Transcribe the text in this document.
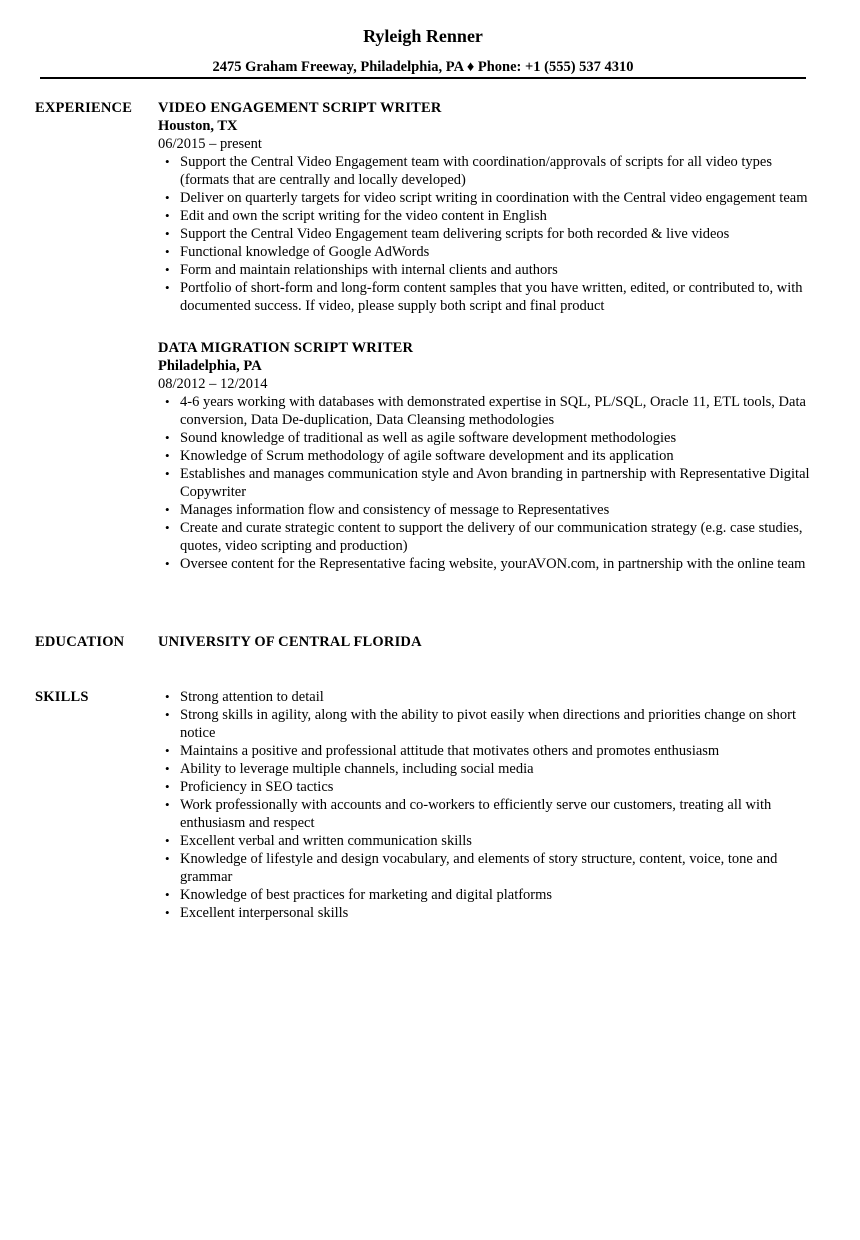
Ryleigh Renner
2475 Graham Freeway, Philadelphia, PA ♦ Phone: +1 (555) 537 4310
EXPERIENCE VIDEO ENGAGEMENT SCRIPT WRITER
Houston, TX
06/2015 – present
• Support the Central Video Engagement team with coordination/approvals of scripts for all video types (formats that are centrally and locally developed)
• Deliver on quarterly targets for video script writing in coordination with the Central video engagement team
• Edit and own the script writing for the video content in English
• Support the Central Video Engagement team delivering scripts for both recorded & live videos
• Functional knowledge of Google AdWords
• Form and maintain relationships with internal clients and authors
• Portfolio of short-form and long-form content samples that you have written, edited, or contributed to, with documented success. If video, please supply both script and final product
DATA MIGRATION SCRIPT WRITER
Philadelphia, PA
08/2012 – 12/2014
• 4-6 years working with databases with demonstrated expertise in SQL, PL/SQL, Oracle 11, ETL tools, Data conversion, Data De-duplication, Data Cleansing methodologies
• Sound knowledge of traditional as well as agile software development methodologies
• Knowledge of Scrum methodology of agile software development and its application
• Establishes and manages communication style and Avon branding in partnership with Representative Digital Copywriter
• Manages information flow and consistency of message to Representatives
• Create and curate strategic content to support the delivery of our communication strategy (e.g. case studies, quotes, video scripting and production)
• Oversee content for the Representative facing website, yourAVON.com, in partnership with the online team
EDUCATION UNIVERSITY OF CENTRAL FLORIDA
SKILLS
•	Strong attention to detail
• Strong skills in agility, along with the ability to pivot easily when directions and priorities change on short notice
• Maintains a positive and professional attitude that motivates others and promotes enthusiasm
• Ability to leverage multiple channels, including social media
• Proficiency in SEO tactics
• Work professionally with accounts and co-workers to efficiently serve our customers, treating all with enthusiasm and respect
• Excellent verbal and written communication skills
• Knowledge of lifestyle and design vocabulary, and elements of story structure, content, voice, tone and grammar
• Knowledge of best practices for marketing and digital platforms
• Excellent interpersonal skills
